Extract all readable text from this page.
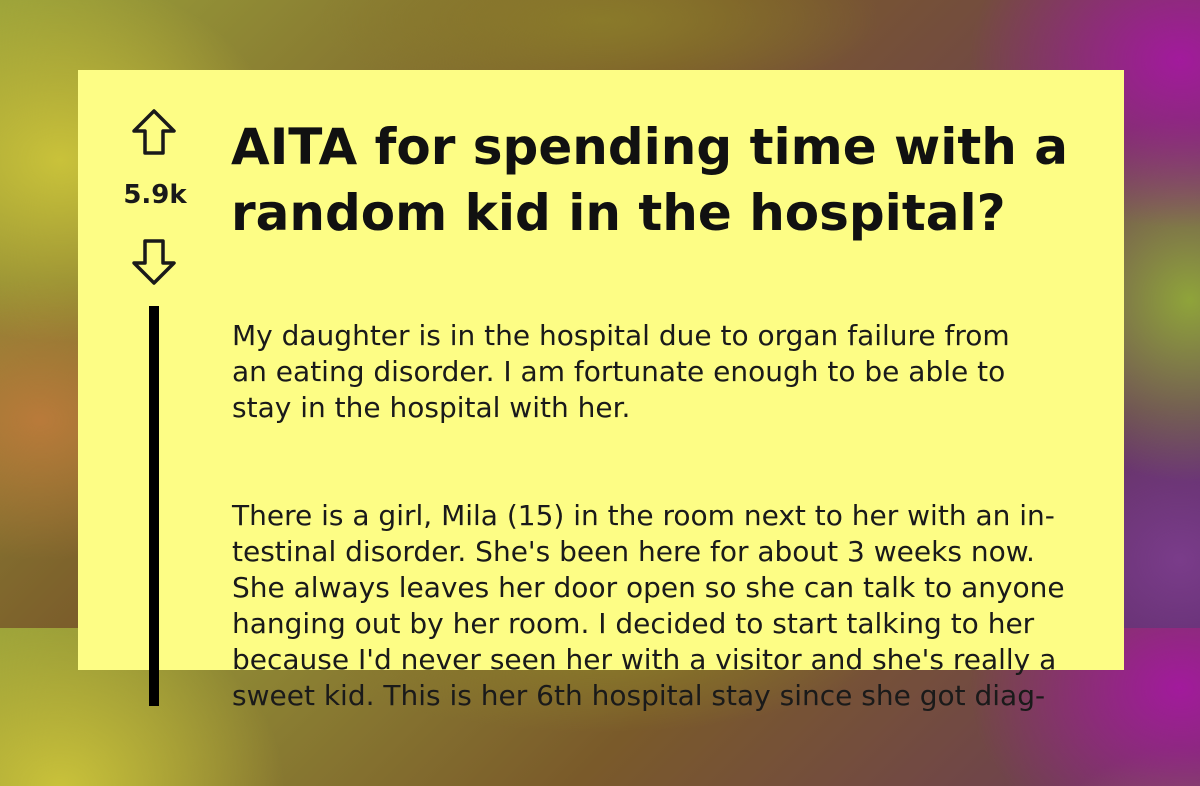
5.9k
AITA for spending time with a random kid in the hospital?

My daughter is in the hospital due to organ failure from
an eating disorder. I am fortunate enough to be able to
stay in the hospital with her.

There is a girl, Mila (15) in the room next to her with an in-
testinal disorder. She's been here for about 3 weeks now.
She always leaves her door open so she can talk to anyone
hanging out by her room. I decided to start talking to her
because I'd never seen her with a visitor and she's really a
sweet kid. This is her 6th hospital stay since she got diag-
